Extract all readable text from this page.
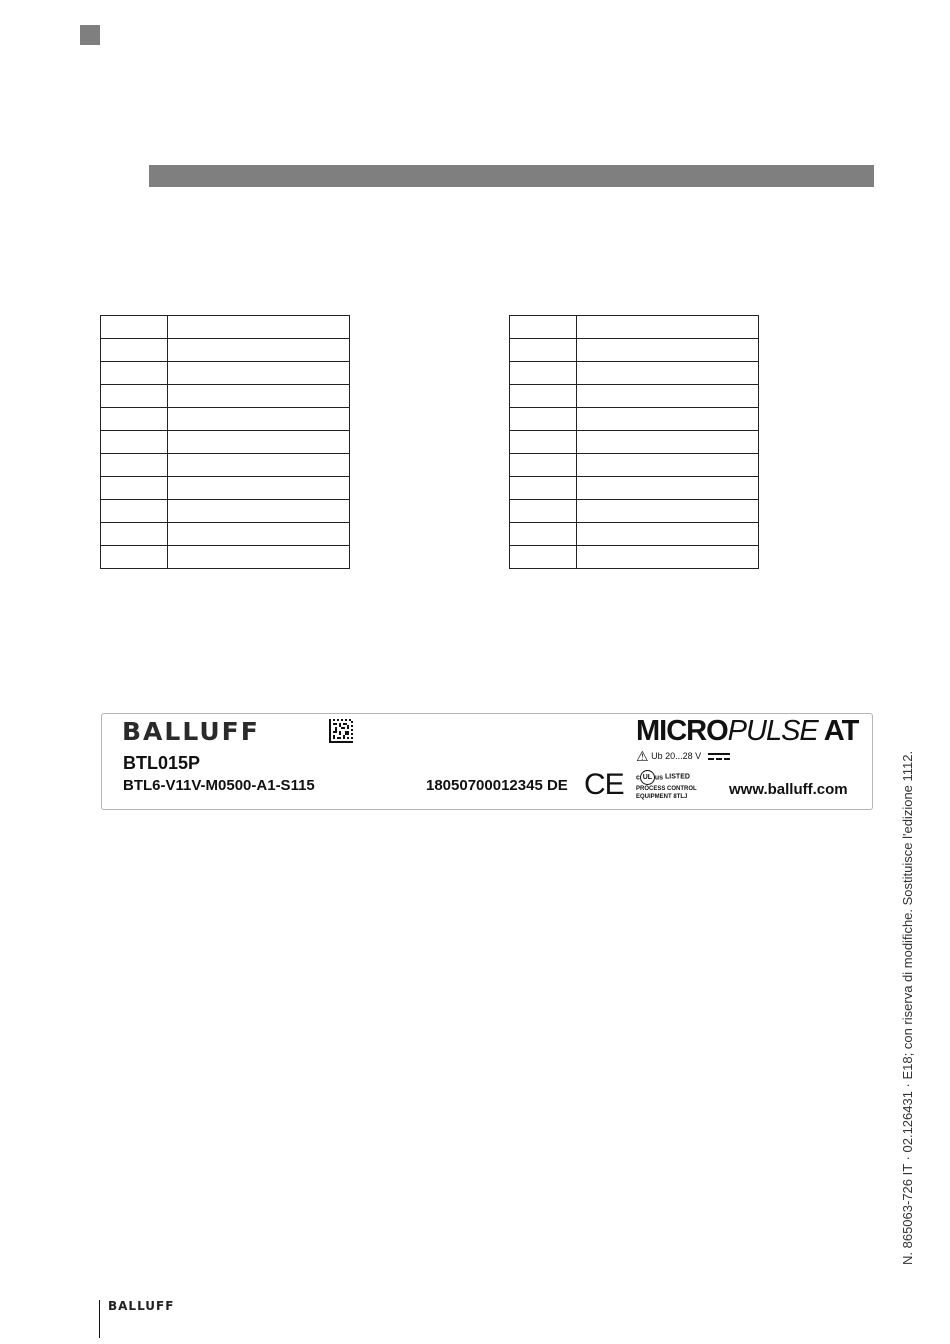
BALLUFF
BTL015P
BTL6-V11V-M0500-A1-S115	18050700012345 DE CE
MICROPULSE AT
⚠ Ub 20...28 V
c UL us LISTED
PROCESS CONTROL
EQUIPMENT 8TLJ	www.balluff.com	N. 865063-726 IT · 02.126431 · E18; con riserva di modifiche. Sostituisce l'edizione 1112.
BALLUFF
